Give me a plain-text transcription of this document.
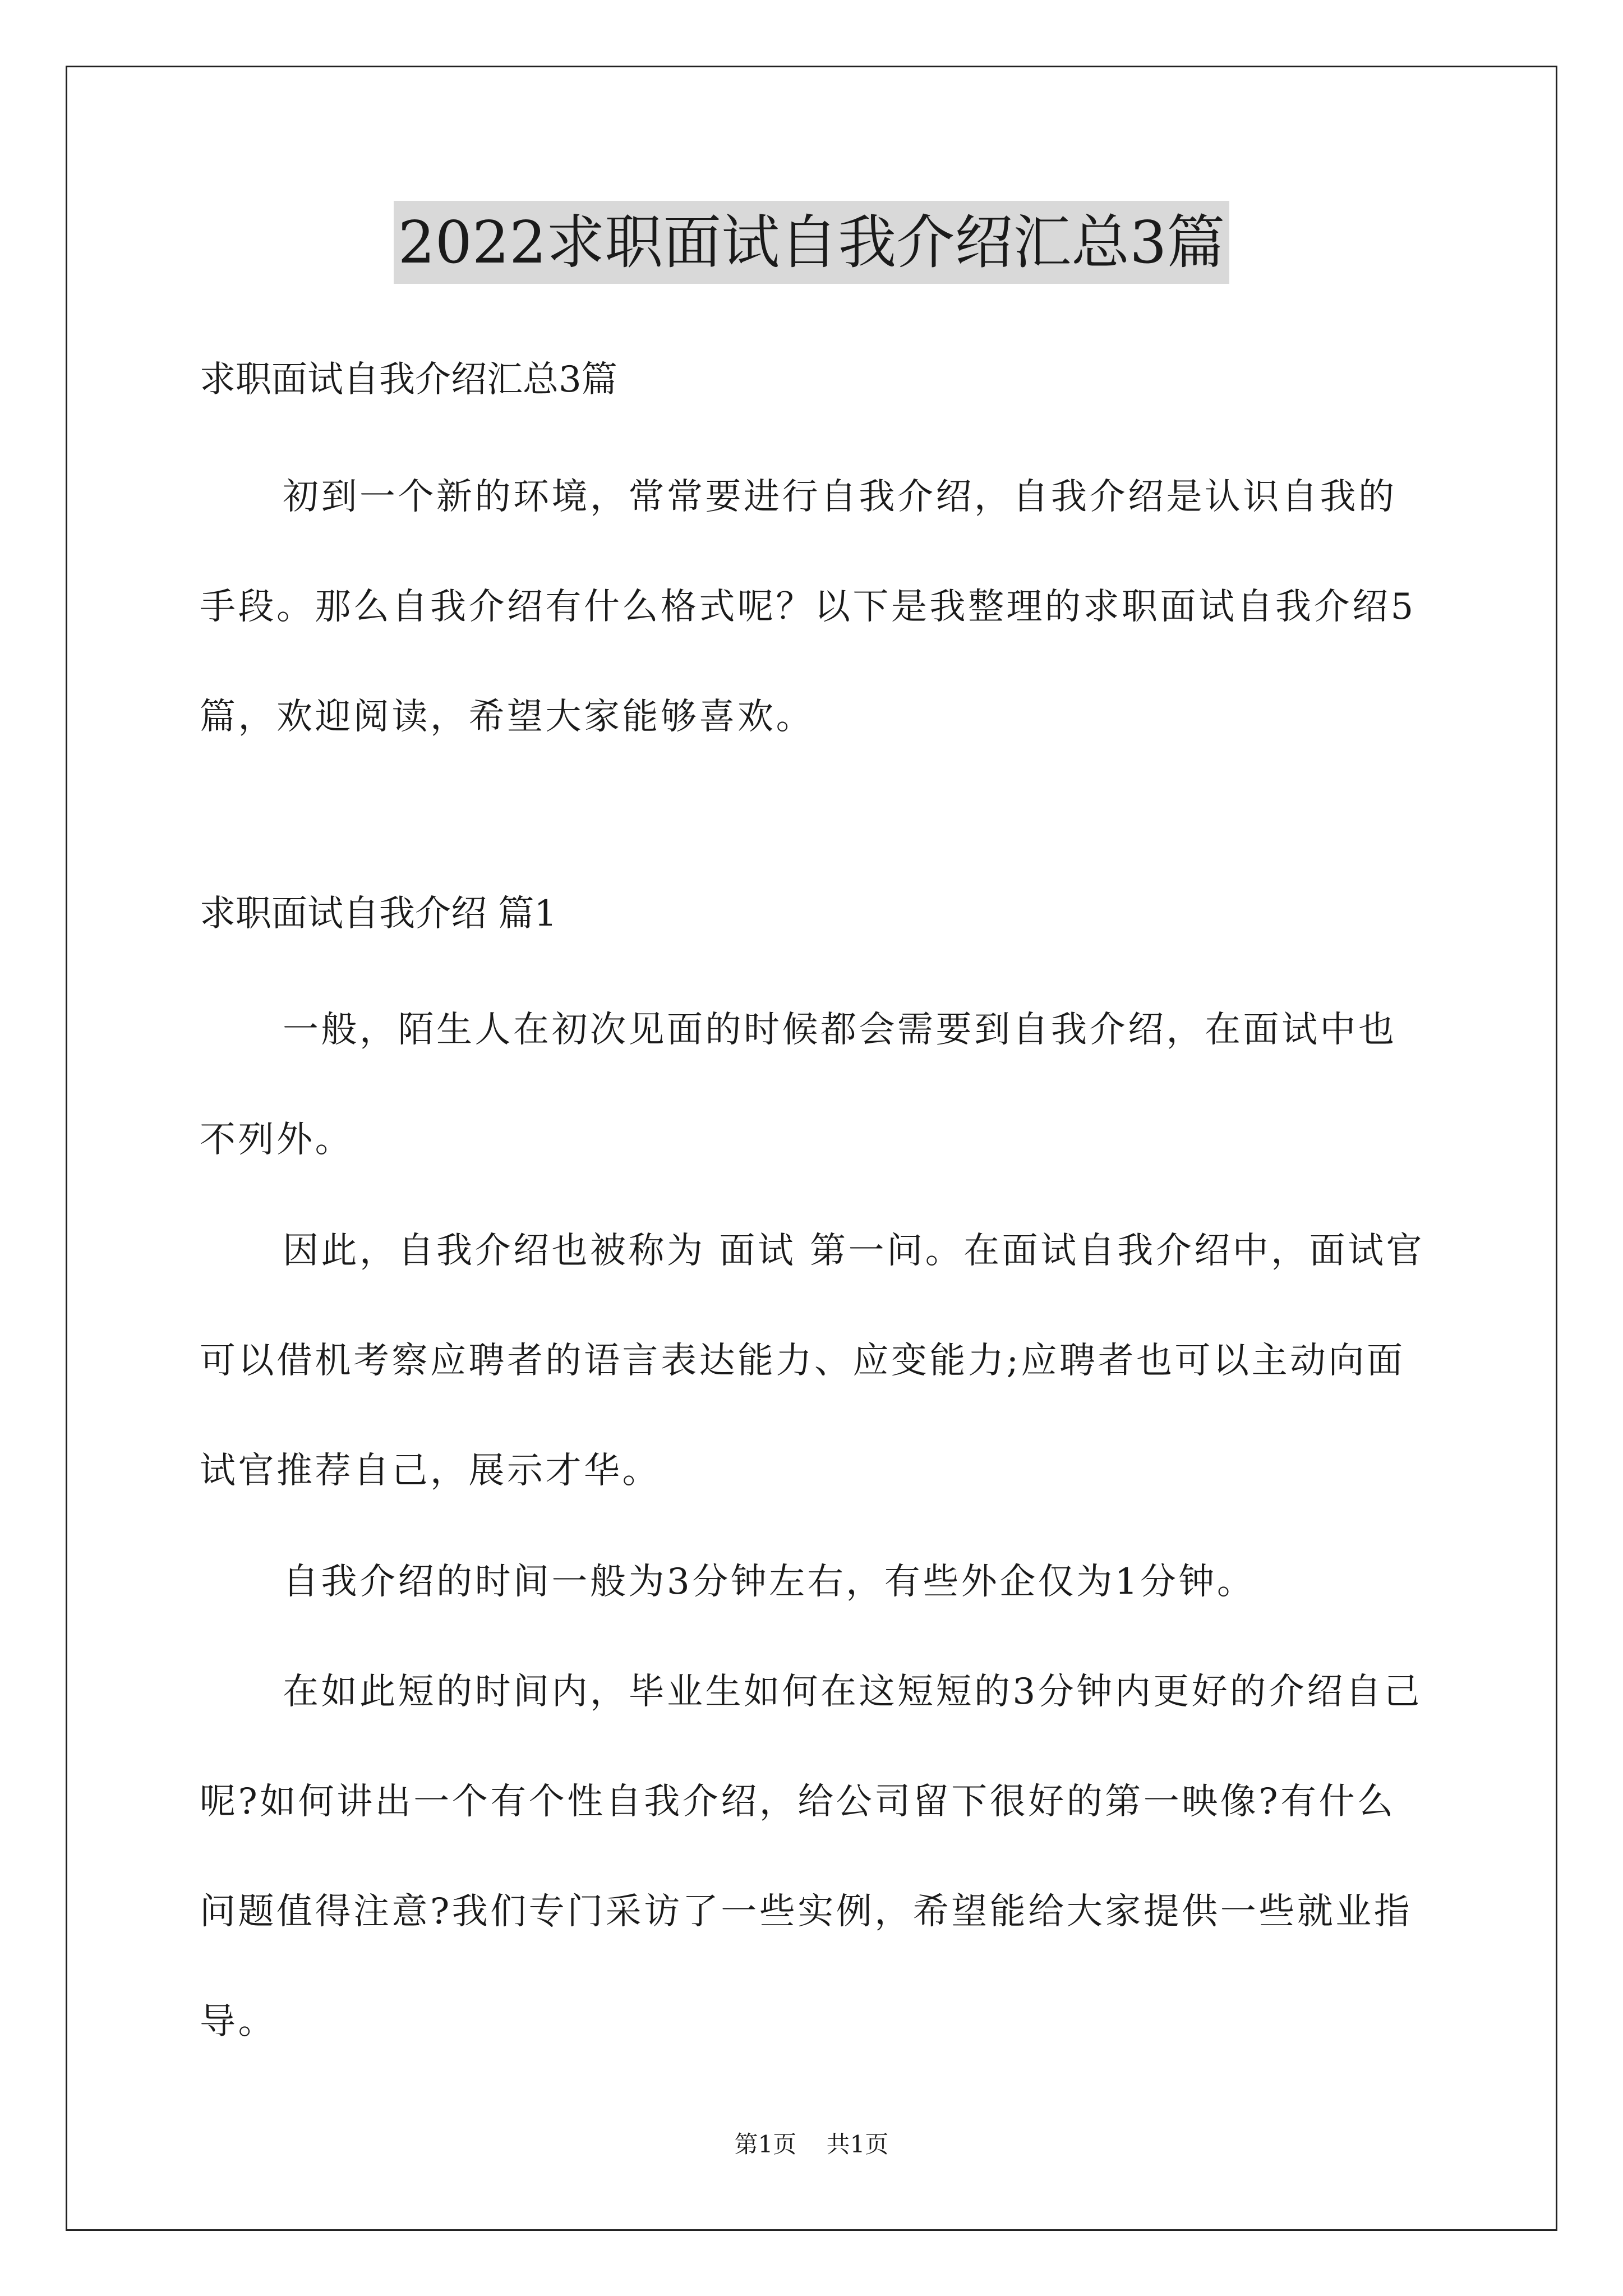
2022求职面试自我介绍汇总3篇
求职面试自我介绍汇总3篇
初到一个新的环境，常常要进行自我介绍，自我介绍是认识自我的手段。那么自我介绍有什么格式呢？以下是我整理的求职面试自我介绍5篇，欢迎阅读，希望大家能够喜欢。
求职面试自我介绍 篇1
一般，陌生人在初次见面的时候都会需要到自我介绍，在面试中也不列外。
因此，自我介绍也被称为 面试 第一问。在面试自我介绍中，面试官可以借机考察应聘者的语言表达能力、应变能力;应聘者也可以主动向面试官推荐自己，展示才华。
自我介绍的时间一般为3分钟左右，有些外企仅为1分钟。
在如此短的时间内，毕业生如何在这短短的3分钟内更好的介绍自己呢?如何讲出一个有个性自我介绍，给公司留下很好的第一映像?有什么问题值得注意?我们专门采访了一些实例，希望能给大家提供一些就业指导。
第1页    共1页
